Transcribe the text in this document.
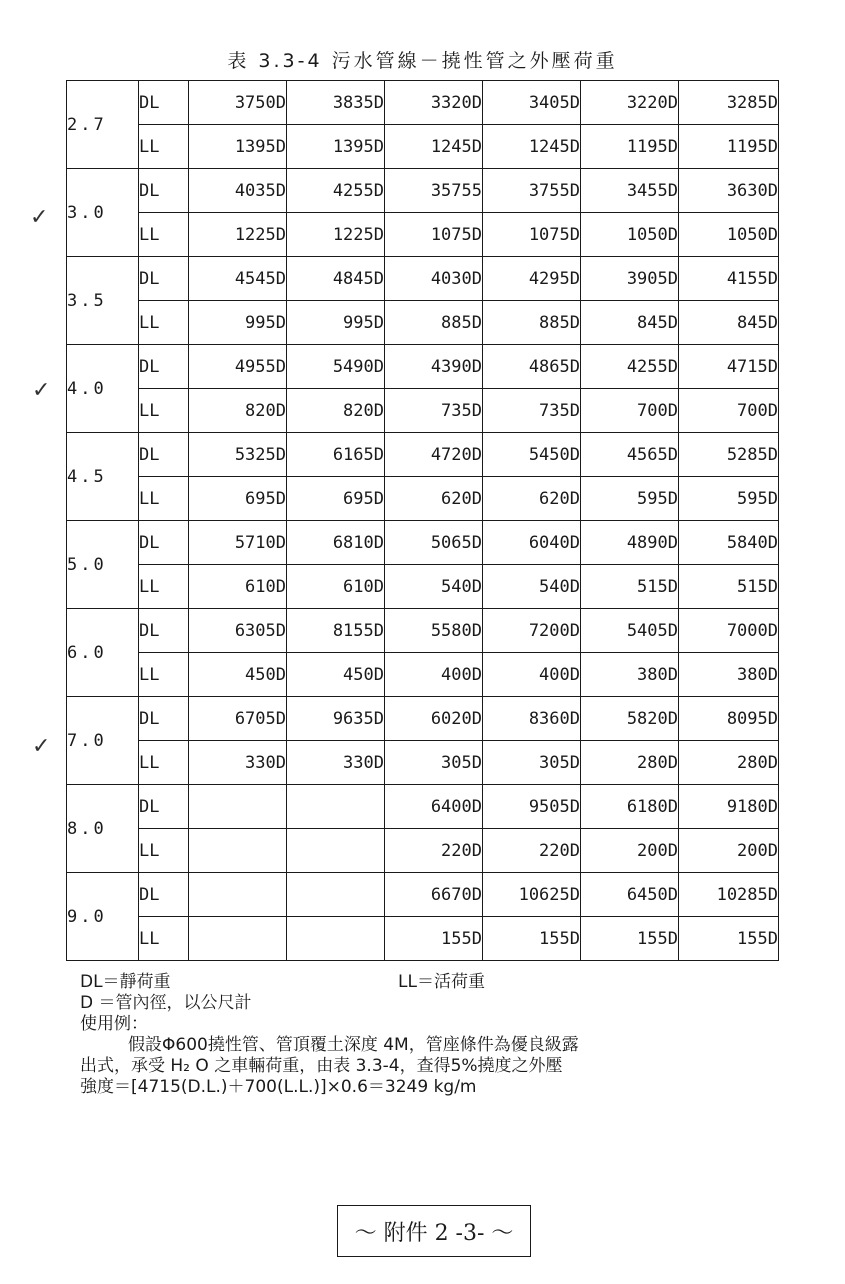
表 3.3-4 污水管線－撓性管之外壓荷重
2.7	DL	3750D	3835D	3320D	3405D	3220D	3285D
	LL	1395D	1395D	1245D	1245D	1195D	1195D
3.0	DL	4035D	4255D	35755	3755D	3455D	3630D
	LL	1225D	1225D	1075D	1075D	1050D	1050D
3.5	DL	4545D	4845D	4030D	4295D	3905D	4155D
	LL	995D	995D	885D	885D	845D	845D
4.0	DL	4955D	5490D	4390D	4865D	4255D	4715D
	LL	820D	820D	735D	735D	700D	700D
4.5	DL	5325D	6165D	4720D	5450D	4565D	5285D
	LL	695D	695D	620D	620D	595D	595D
5.0	DL	5710D	6810D	5065D	6040D	4890D	5840D
	LL	610D	610D	540D	540D	515D	515D
6.0	DL	6305D	8155D	5580D	7200D	5405D	7000D
	LL	450D	450D	400D	400D	380D	380D
7.0	DL	6705D	9635D	6020D	8360D	5820D	8095D
	LL	330D	330D	305D	305D	280D	280D
8.0	DL			6400D	9505D	6180D	9180D
	LL			220D	220D	200D	200D
9.0	DL			6670D	10625D	6450D	10285D
	LL			155D	155D	155D	155D
✓
✓
✓
DL＝靜荷重	LL＝活荷重
D ＝管內徑，以公尺計
使用例：
假設Φ600撓性管、管頂覆土深度 4M，管座條件為優良級露
出式，承受 H₂ O 之車輛荷重，由表 3.3-4，查得5%撓度之外壓
強度＝[4715(D.L.)＋700(L.L.)]×0.6＝3249 kg/m
～ 附件 2 -3- ～
